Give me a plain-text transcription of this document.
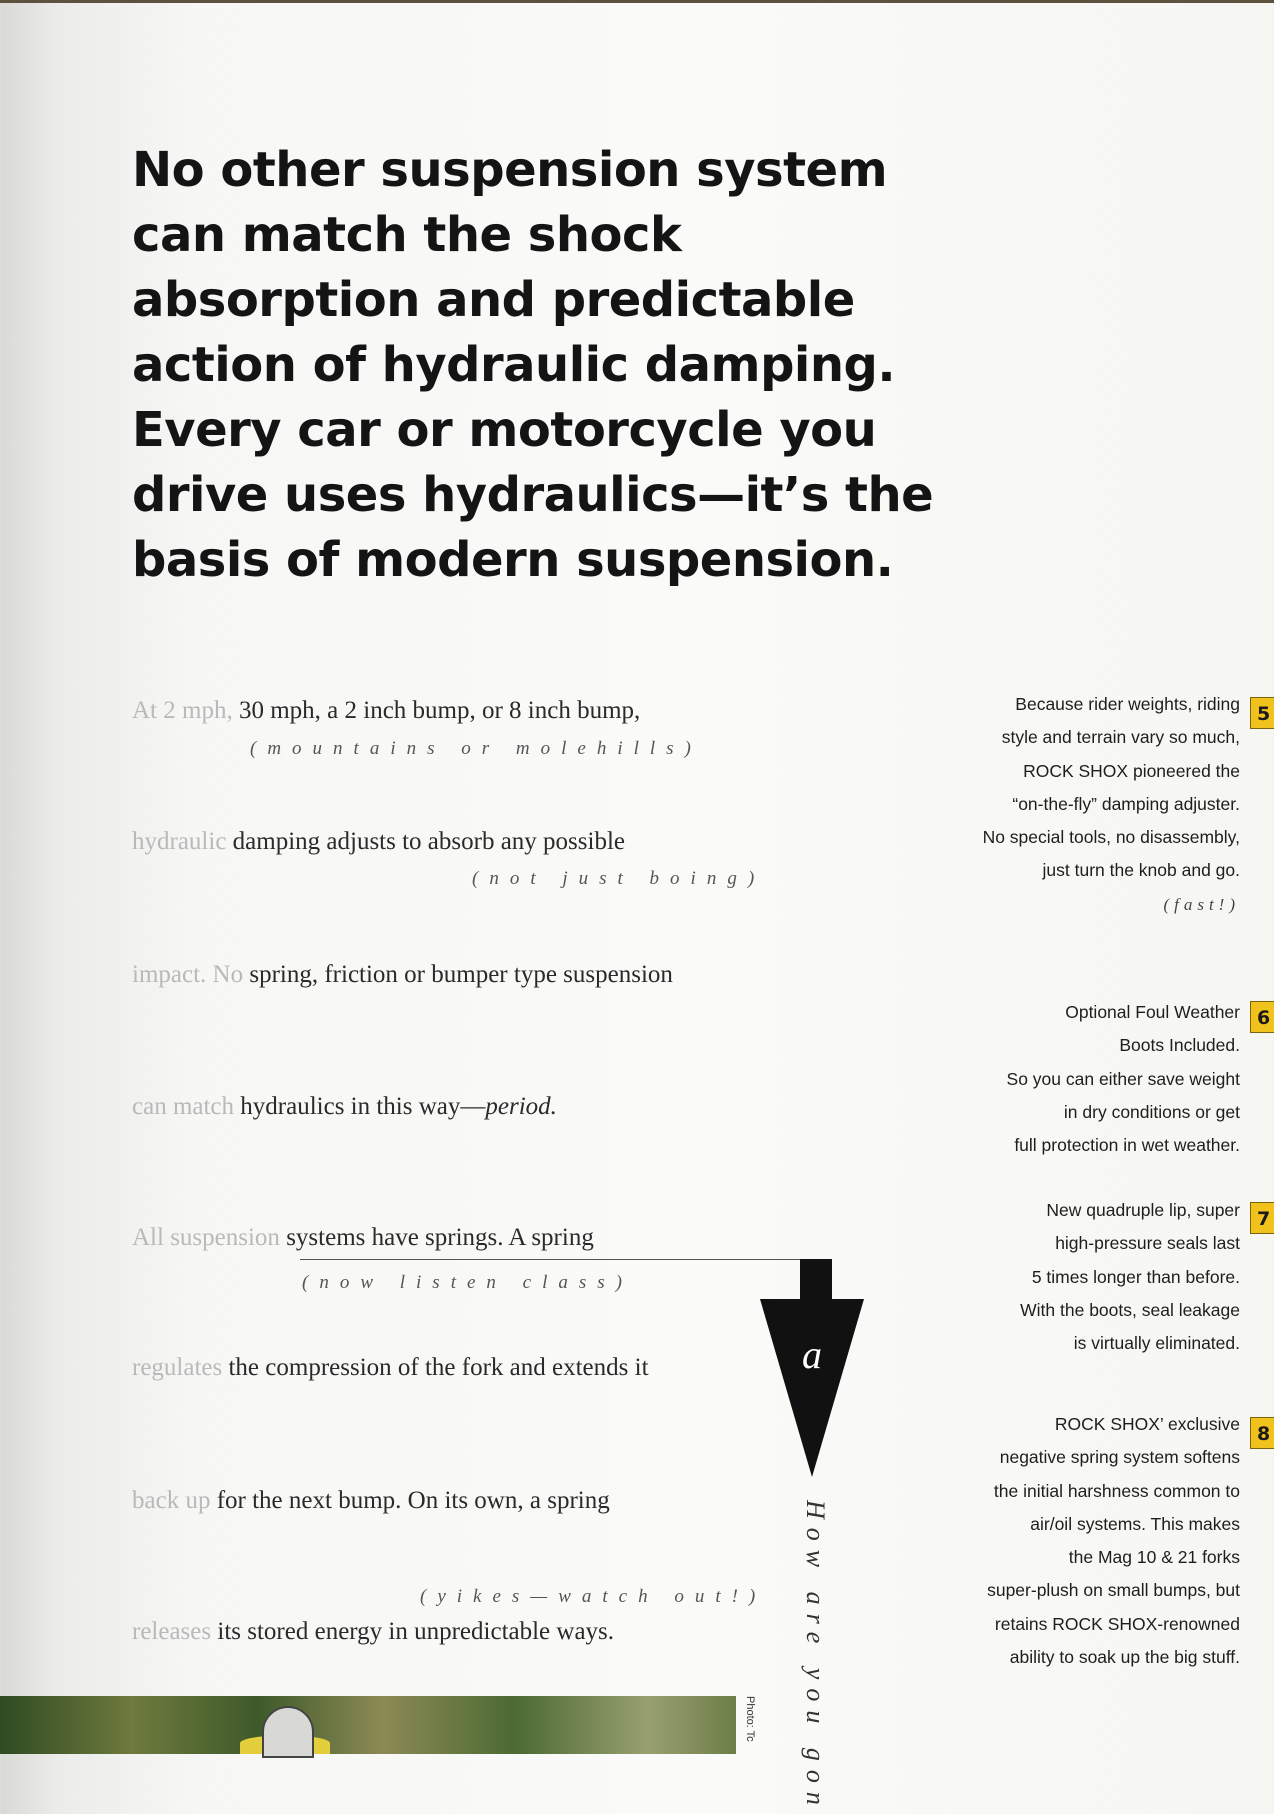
No other suspension system
can match the shock
absorption and predictable
action of hydraulic damping.
Every car or motorcycle you
drive uses hydraulics—it’s the
basis of modern suspension.
At 2 mph, 30 mph, a 2 inch bump, or 8 inch bump,
(mountains or molehills)
hydraulic damping adjusts to absorb any possible
(not just boing)
impact. No spring, friction or bumper type suspension
can match hydraulics in this way—period.
All suspension systems have springs. A spring
(now listen class)
regulates the compression of the fork and extends it
back up for the next bump. On its own, a spring
(yikes—watch out!)
releases its stored energy in unpredictable ways.
a
How are you gon
Photo: Tc
Because rider weights, riding
style and terrain vary so much,
ROCK SHOX pioneered the
“on-the-fly” damping adjuster.
No special tools, no disassembly,
just turn the knob and go.
(fast!)
5
Optional Foul Weather
Boots Included.
So you can either save weight
in dry conditions or get
full protection in wet weather.
6
New quadruple lip, super
high-pressure seals last
5 times longer than before.
With the boots, seal leakage
is virtually eliminated.
7
ROCK SHOX’ exclusive
negative spring system softens
the initial harshness common to
air/oil systems. This makes
the Mag 10 & 21 forks
super-plush on small bumps, but
retains ROCK SHOX-renowned
ability to soak up the big stuff.
8
